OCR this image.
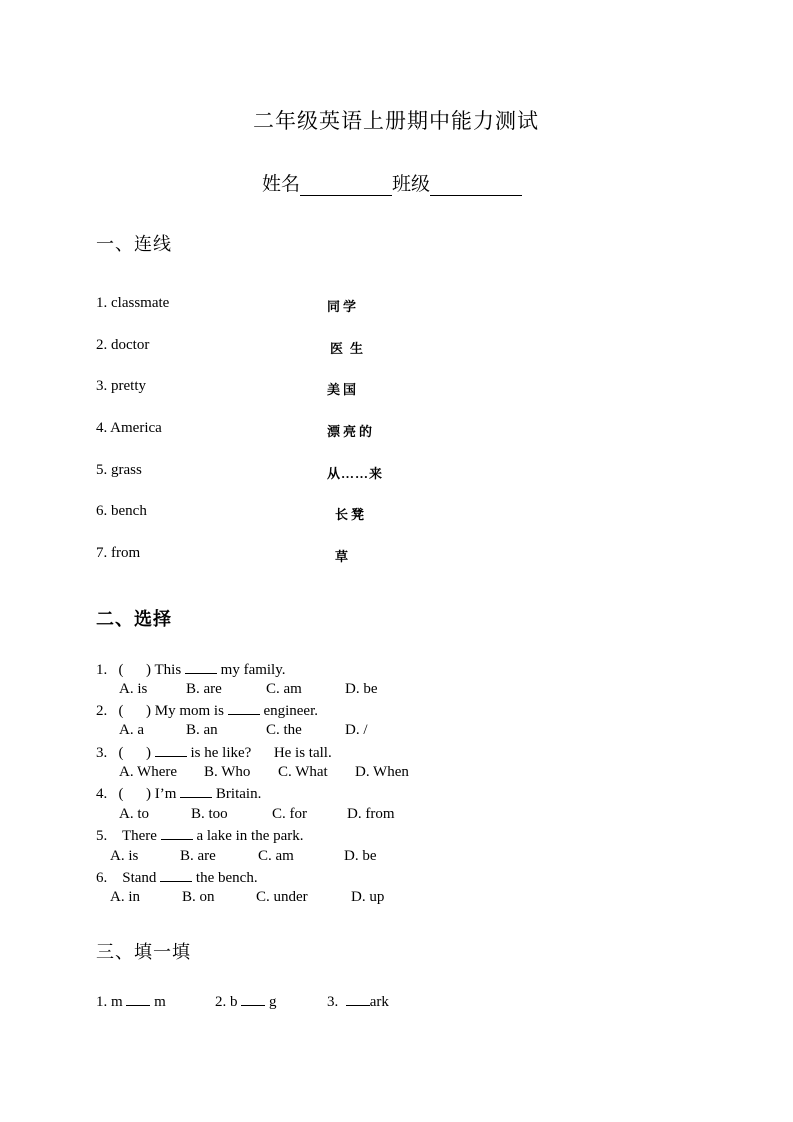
二年级英语上册期中能力测试
姓名	班级
一、连线
1. classmate
2. doctor
3. pretty
4. America
5. grass
6. bench
7. from
同学
医生
美国
漂亮的
从……来
长凳
草
二、选择
1. (      ) This	my family.
A. is	B. are	C. am	D. be
2. (      ) My mom is	engineer.
A. a	B. an	C. the	D. /
3. (      )	is he like?      He is tall.
A. Where B. Who C. What D. When
4. (      ) I’m	Britain.
A. to	B. too	C. for	D. from
5. There	a lake in the park.
A. is	B. are	C. am	D. be
6. Stand	the bench.
A. in	B. on	C. under	D. up
三、填一填
1. m m	2. b g	3. ark
